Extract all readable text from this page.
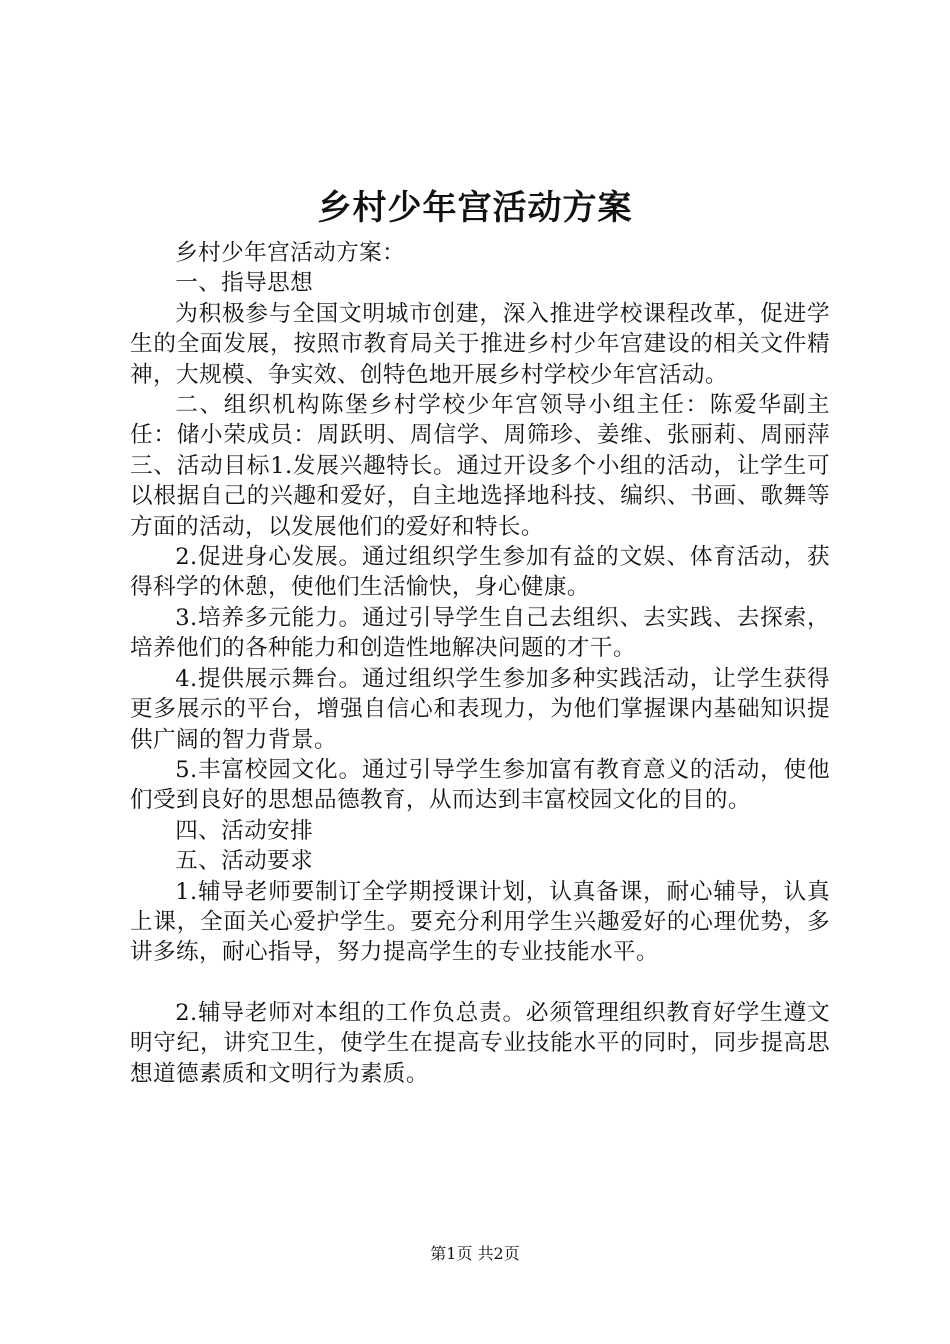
乡村少年宫活动方案

乡村少年宫活动方案：

一、指导思想

为积极参与全国文明城市创建，深入推进学校课程改革，促进学生的全面发展，按照市教育局关于推进乡村少年宫建设的相关文件精神，大规模、争实效、创特色地开展乡村学校少年宫活动。

二、组织机构陈堡乡村学校少年宫领导小组主任：陈爱华副主任：储小荣成员：周跃明、周信学、周筛珍、姜维、张丽莉、周丽萍三、活动目标1.发展兴趣特长。通过开设多个小组的活动，让学生可以根据自己的兴趣和爱好，自主地选择地科技、编织、书画、歌舞等方面的活动，以发展他们的爱好和特长。

2.促进身心发展。通过组织学生参加有益的文娱、体育活动，获得科学的休憩，使他们生活愉快，身心健康。

3.培养多元能力。通过引导学生自己去组织、去实践、去探索，培养他们的各种能力和创造性地解决问题的才干。

4.提供展示舞台。通过组织学生参加多种实践活动，让学生获得更多展示的平台，增强自信心和表现力，为他们掌握课内基础知识提供广阔的智力背景。

5.丰富校园文化。通过引导学生参加富有教育意义的活动，使他们受到良好的思想品德教育，从而达到丰富校园文化的目的。

四、活动安排

五、活动要求

1.辅导老师要制订全学期授课计划，认真备课，耐心辅导，认真上课，全面关心爱护学生。要充分利用学生兴趣爱好的心理优势，多讲多练，耐心指导，努力提高学生的专业技能水平。

2.辅导老师对本组的工作负总责。必须管理组织教育好学生遵文明守纪，讲究卫生，使学生在提高专业技能水平的同时，同步提高思想道德素质和文明行为素质。

第1页 共2页
